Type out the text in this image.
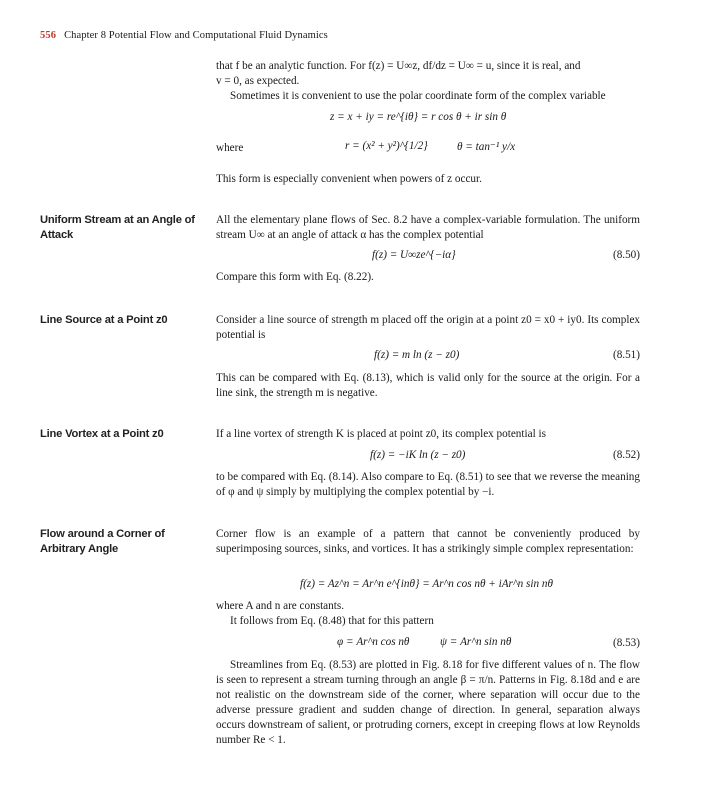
556 Chapter 8 Potential Flow and Computational Fluid Dynamics
that f be an analytic function. For f(z) = U∞z, df/dz = U∞ = u, since it is real, and
v = 0, as expected.
Sometimes it is convenient to use the polar coordinate form of the complex variable
z = x + iy = re^{iθ} = r cos θ + ir sin θ
where	r = (x² + y²)^{1/2}	θ = tan⁻¹ y/x
This form is especially convenient when powers of z occur.
Uniform Stream at an Angle of Attack
All the elementary plane flows of Sec. 8.2 have a complex-variable formulation. The uniform stream U∞ at an angle of attack α has the complex potential
f(z) = U∞ze^{−iα}	(8.50)
Compare this form with Eq. (8.22).
Line Source at a Point z0	Consider a line source of strength m placed off the origin at a point z0 = x0 + iy0. Its complex potential is
f(z) = m ln (z − z0)	(8.51)
This can be compared with Eq. (8.13), which is valid only for the source at the origin. For a line sink, the strength m is negative.
Line Vortex at a Point z0	If a line vortex of strength K is placed at point z0, its complex potential is
f(z) = −iK ln (z − z0)	(8.52)
to be compared with Eq. (8.14). Also compare to Eq. (8.51) to see that we reverse the meaning of φ and ψ simply by multiplying the complex potential by −i.
Flow around a Corner of Arbitrary Angle
Corner flow is an example of a pattern that cannot be conveniently produced by superimposing sources, sinks, and vortices. It has a strikingly simple complex representation:
f(z) = Az^n = Ar^n e^{inθ} = Ar^n cos nθ + iAr^n sin nθ
where A and n are constants.
It follows from Eq. (8.48) that for this pattern
φ = Ar^n cos nθ	ψ = Ar^n sin nθ	(8.53)
Streamlines from Eq. (8.53) are plotted in Fig. 8.18 for five different values of n. The flow is seen to represent a stream turning through an angle β = π/n. Patterns in Fig. 8.18d and e are not realistic on the downstream side of the corner, where separation will occur due to the adverse pressure gradient and sudden change of direction. In general, separation always occurs downstream of salient, or protruding corners, except in creeping flows at low Reynolds number Re < 1.
